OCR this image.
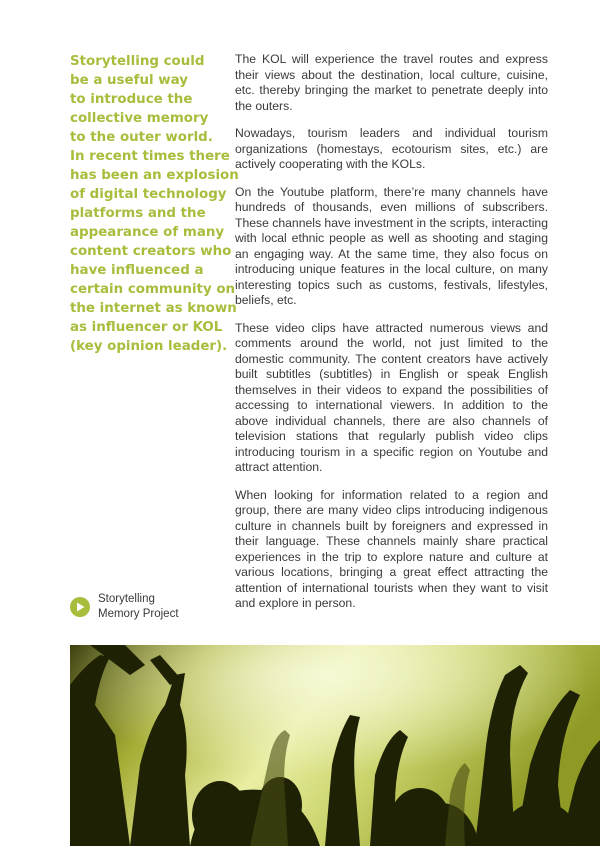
Storytelling could
be a useful way
to introduce the
collective memory
to the outer world.
In recent times there
has been an explosion
of digital technology
platforms and the
appearance of many
content creators who
have influenced a
certain community on
the internet as known
as influencer or KOL
(key opinion leader).

The KOL will experience the travel routes and express their views about the destination, local culture, cuisine, etc. thereby bringing the market to penetrate deeply into the outers.

Nowadays, tourism leaders and individual tourism organizations (homestays, ecotourism sites, etc.) are actively cooperating with the KOLs.

On the Youtube platform, there’re many channels have hundreds of thousands, even millions of subscribers. These channels have investment in the scripts, interacting with local ethnic people as well as shooting and staging an engaging way. At the same time, they also focus on introducing unique features in the local culture, on many interesting topics such as customs, festivals, lifestyles, beliefs, etc.

These video clips have attracted numerous views and comments around the world, not just limited to the domestic community. The content creators have actively built subtitles (subtitles) in English or speak English themselves in their videos to expand the possibilities of accessing to international viewers. In addition to the above individual channels, there are also channels of television stations that regularly publish video clips introducing tourism in a specific region on Youtube and attract attention.

When looking for information related to a region and group, there are many video clips introducing indigenous culture in channels built by foreigners and expressed in their language. These channels mainly share practical experiences in the trip to explore nature and culture at various locations, bringing a great effect attracting the attention of international tourists when they want to visit and explore in person.

Storytelling
Memory Project
